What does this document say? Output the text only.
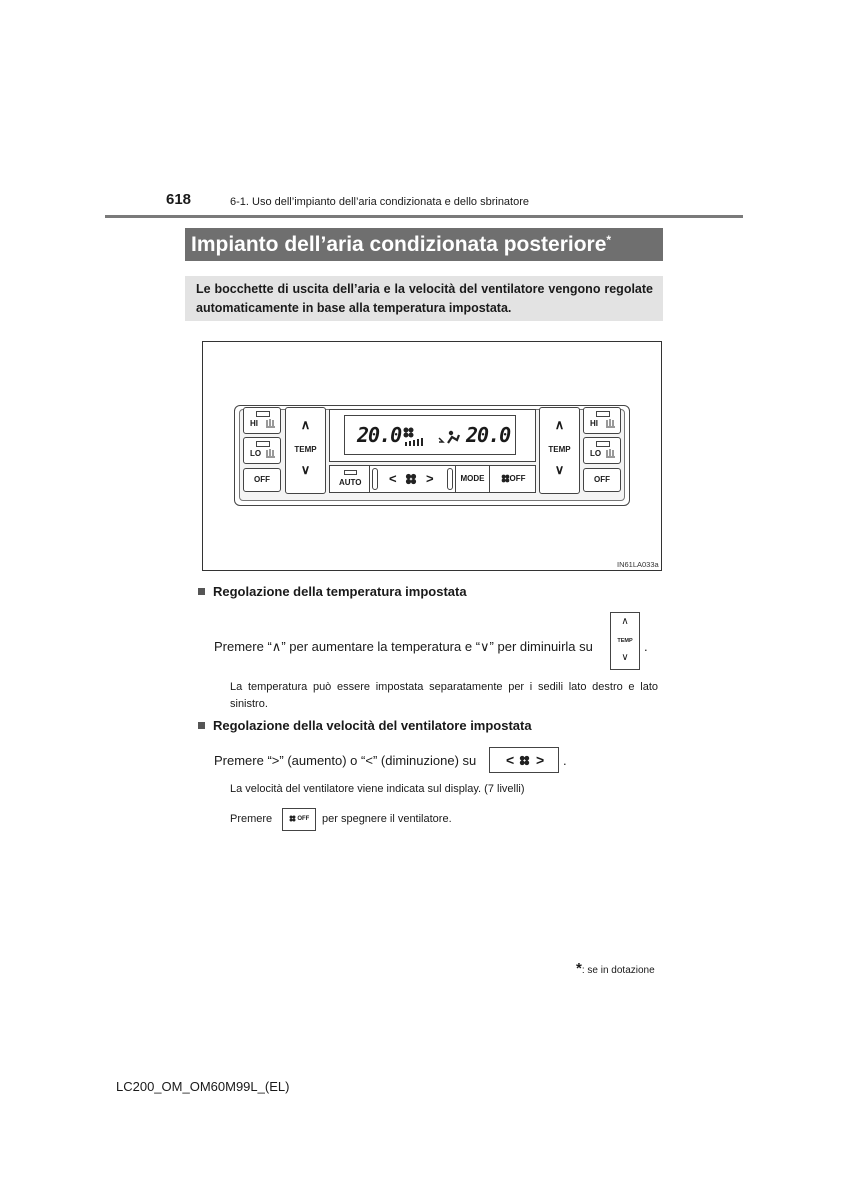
618	6-1. Uso dell’impianto dell’aria condizionata e dello sbrinatore
Impianto dell’aria condizionata posteriore*
Le bocchette di uscita dell’aria e la velocità del ventilatore vengono regolate automaticamente in base alla temperatura impostata.
HI
LO
OFF
∧
TEMP
∨
20.0	20.0
AUTO < >	MODE	OFF
∧
TEMP
∨
HI
LO
OFF
IN61LA033a
Regolazione della temperatura impostata
Premere “∧” per aumentare la temperatura e “∨” per diminuirla su
∧
TEMP
∨
.
La temperatura può essere impostata separatamente per i sedili lato destro e lato sinistro.
Regolazione della velocità del ventilatore impostata
Premere “>” (aumento) o “<” (diminuzione) su < > .
La velocità del ventilatore viene indicata sul display. (7 livelli)
Premere	OFF	per spegnere il ventilatore.
*: se in dotazione
LC200_OM_OM60M99L_(EL)
